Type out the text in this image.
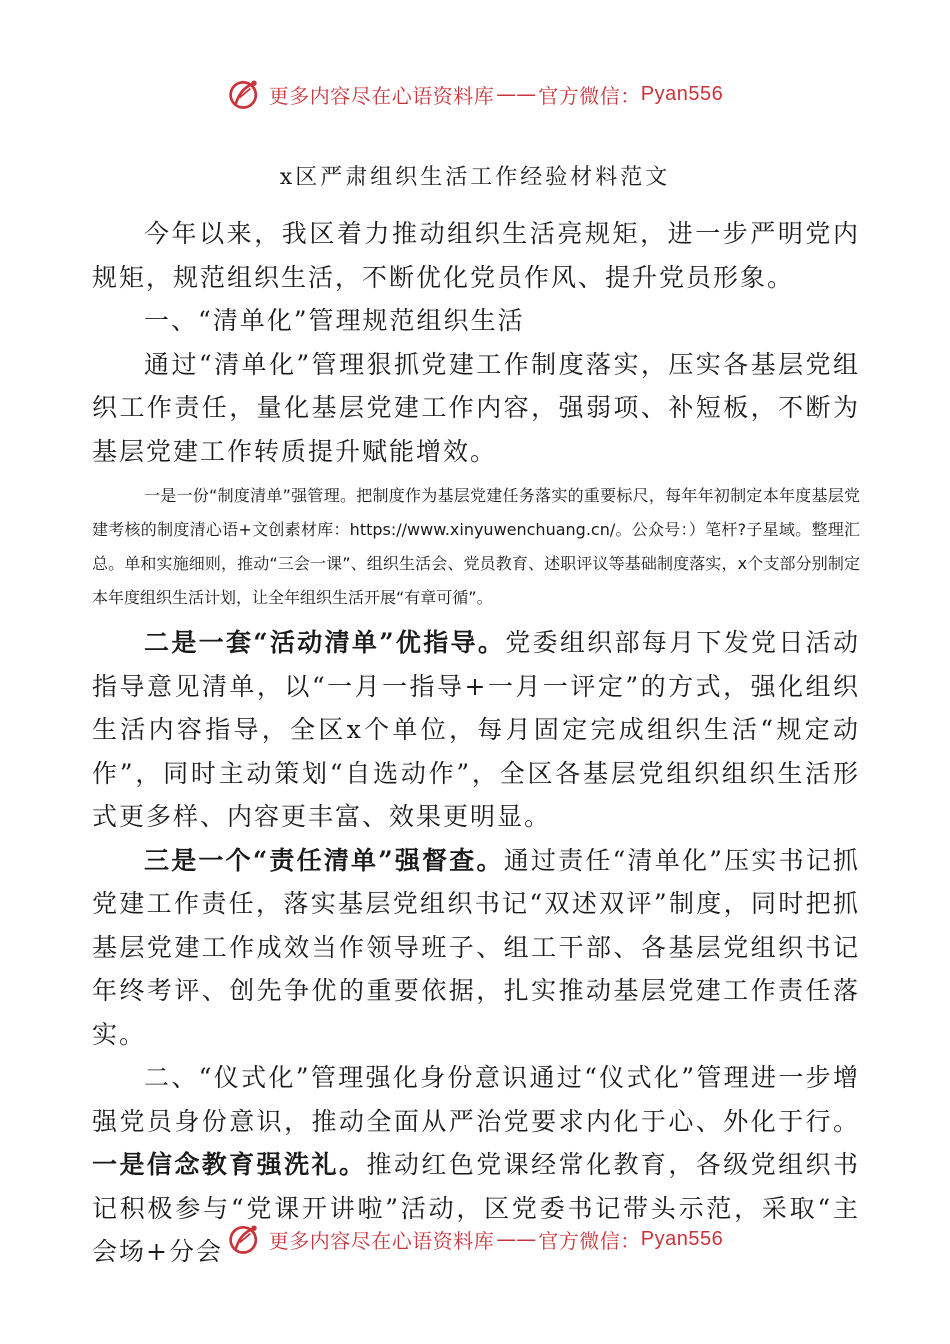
更多内容尽在心语资料库 —— 官方微信： Pyan556
x区严肃组织生活工作经验材料范文

今年以来，我区着力推动组织生活亮规矩，进一步严明党内规矩，规范组织生活，不断优化党员作风、提升党员形象。

一、“清单化”管理规范组织生活

通过“清单化”管理狠抓党建工作制度落实，压实各基层党组织工作责任，量化基层党建工作内容，强弱项、补短板，不断为基层党建工作转质提升赋能增效。

一是一份“制度清单”强管理。把制度作为基层党建任务落实的重要标尺，每年年初制定本年度基层党建考核的制度清心语+文创素材库：https://www.xinyuwenchuang.cn/。公众号：）笔杆?子星域。整理汇总。单和实施细则，推动“三会一课”、组织生活会、党员教育、述职评议等基础制度落实，x个支部分别制定本年度组织生活计划，让全年组织生活开展“有章可循”。

二是一套“活动清单”优指导。党委组织部每月下发党日活动指导意见清单，以“一月一指导+一月一评定”的方式，强化组织生活内容指导，全区x个单位，每月固定完成组织生活“规定动作”，同时主动策划“自选动作”，全区各基层党组织组织生活形式更多样、内容更丰富、效果更明显。

三是一个“责任清单”强督查。通过责任“清单化”压实书记抓党建工作责任，落实基层党组织书记“双述双评”制度，同时把抓基层党建工作成效当作领导班子、组工干部、各基层党组织书记年终考评、创先争优的重要依据，扎实推动基层党建工作责任落实。

二、“仪式化”管理强化身份意识通过“仪式化”管理进一步增强党员身份意识，推动全面从严治党要求内化于心、外化于行。一是信念教育强洗礼。推动红色党课经常化教育，各级党组织书记积极参与“党课开讲啦”活动，区党委书记带头示范，采取“主会场+分会	更多内容尽在心语资料库 —— 官方微信： Pyan556
